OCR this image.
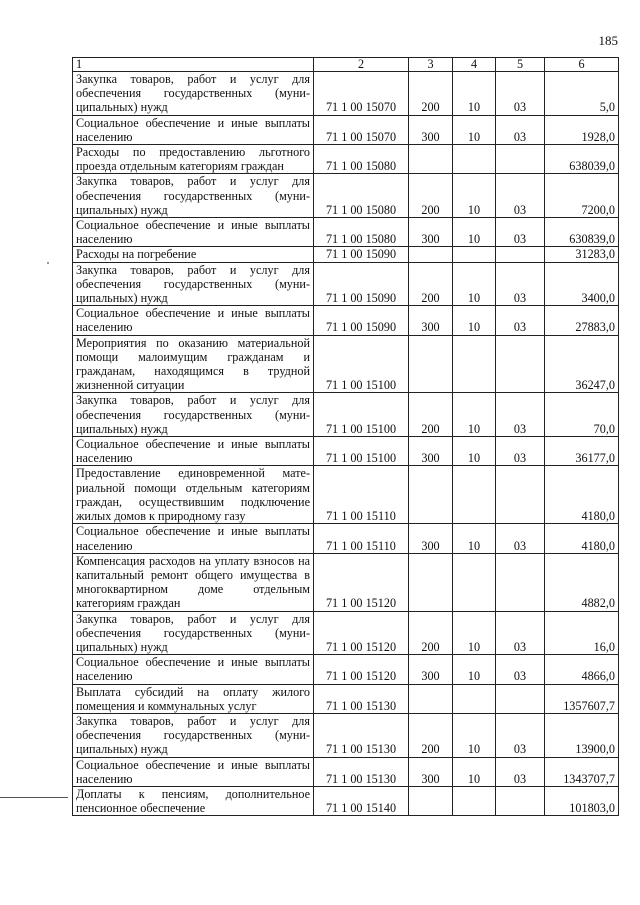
185
1	2	3	4	5	6
Закупка товаров, работ и услуг для обеспечения государственных (муниципальных) нужд	71 1 00 15070	200	10	03	5,0
Социальное обеспечение и иные выплаты населению	71 1 00 15070	300	10	03	1928,0
Расходы по предоставлению льготного проезда отдельным категориям граждан	71 1 00 15080				638039,0
Закупка товаров, работ и услуг для обеспечения государственных (муниципальных) нужд	71 1 00 15080	200	10	03	7200,0
Социальное обеспечение и иные выплаты населению	71 1 00 15080	300	10	03	630839,0
Расходы на погребение	71 1 00 15090				31283,0
Закупка товаров, работ и услуг для обеспечения государственных (муниципальных) нужд	71 1 00 15090	200	10	03	3400,0
Социальное обеспечение и иные выплаты населению	71 1 00 15090	300	10	03	27883,0
Мероприятия по оказанию материальной помощи малоимущим гражданам и гражданам, находящимся в трудной жизненной ситуации	71 1 00 15100				36247,0
Закупка товаров, работ и услуг для обеспечения государственных (муниципальных) нужд	71 1 00 15100	200	10	03	70,0
Социальное обеспечение и иные выплаты населению	71 1 00 15100	300	10	03	36177,0
Предоставление единовременной материальной помощи отдельным категориям граждан, осуществившим подключение жилых домов к природному газу	71 1 00 15110				4180,0
Социальное обеспечение и иные выплаты населению	71 1 00 15110	300	10	03	4180,0
Компенсация расходов на уплату взносов на капитальный ремонт общего имущества в многоквартирном доме отдельным категориям граждан	71 1 00 15120				4882,0
Закупка товаров, работ и услуг для обеспечения государственных (муниципальных) нужд	71 1 00 15120	200	10	03	16,0
Социальное обеспечение и иные выплаты населению	71 1 00 15120	300	10	03	4866,0
Выплата субсидий на оплату жилого помещения и коммунальных услуг	71 1 00 15130				1357607,7
Закупка товаров, работ и услуг для обеспечения государственных (муниципальных) нужд	71 1 00 15130	200	10	03	13900,0
Социальное обеспечение и иные выплаты населению	71 1 00 15130	300	10	03	1343707,7
Доплаты к пенсиям, дополнительное пенсионное обеспечение	71 1 00 15140				101803,0
